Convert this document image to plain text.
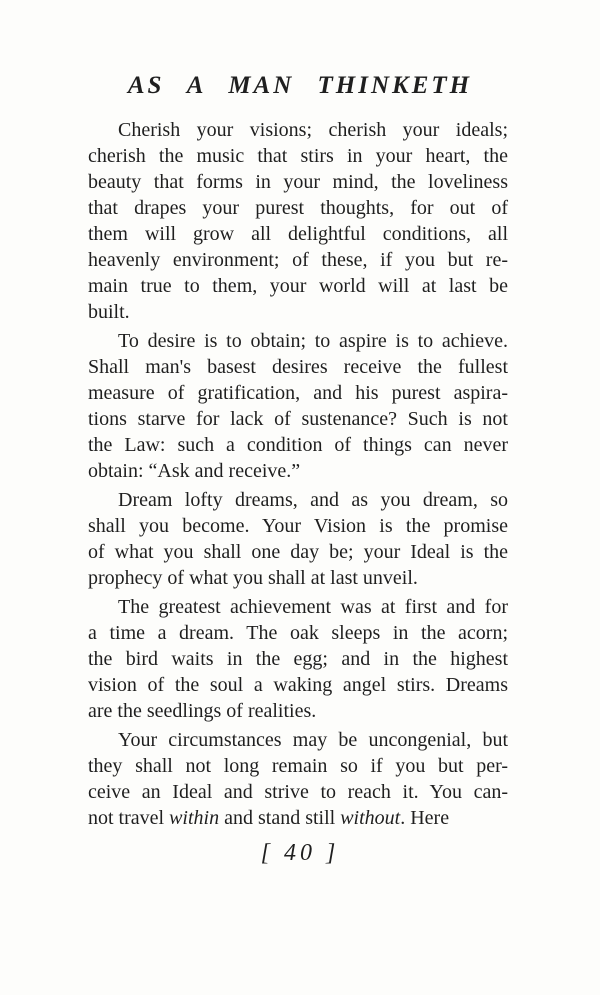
AS A MAN THINKETH
Cherish your visions; cherish your ideals;
cherish the music that stirs in your heart, the
beauty that forms in your mind, the loveliness
that drapes your purest thoughts, for out of
them will grow all delightful conditions, all
heavenly environment; of these, if you but re-
main true to them, your world will at last be
built.
To desire is to obtain; to aspire is to achieve.
Shall man's basest desires receive the fullest
measure of gratification, and his purest aspira-
tions starve for lack of sustenance? Such is not
the Law: such a condition of things can never
obtain: “Ask and receive.”
Dream lofty dreams, and as you dream, so
shall you become. Your Vision is the promise
of what you shall one day be; your Ideal is the
prophecy of what you shall at last unveil.
The greatest achievement was at first and for
a time a dream. The oak sleeps in the acorn;
the bird waits in the egg; and in the highest
vision of the soul a waking angel stirs. Dreams
are the seedlings of realities.
Your circumstances may be uncongenial, but
they shall not long remain so if you but per-
ceive an Ideal and strive to reach it. You can-
not travel within and stand still without. Here
[ 40 ]
